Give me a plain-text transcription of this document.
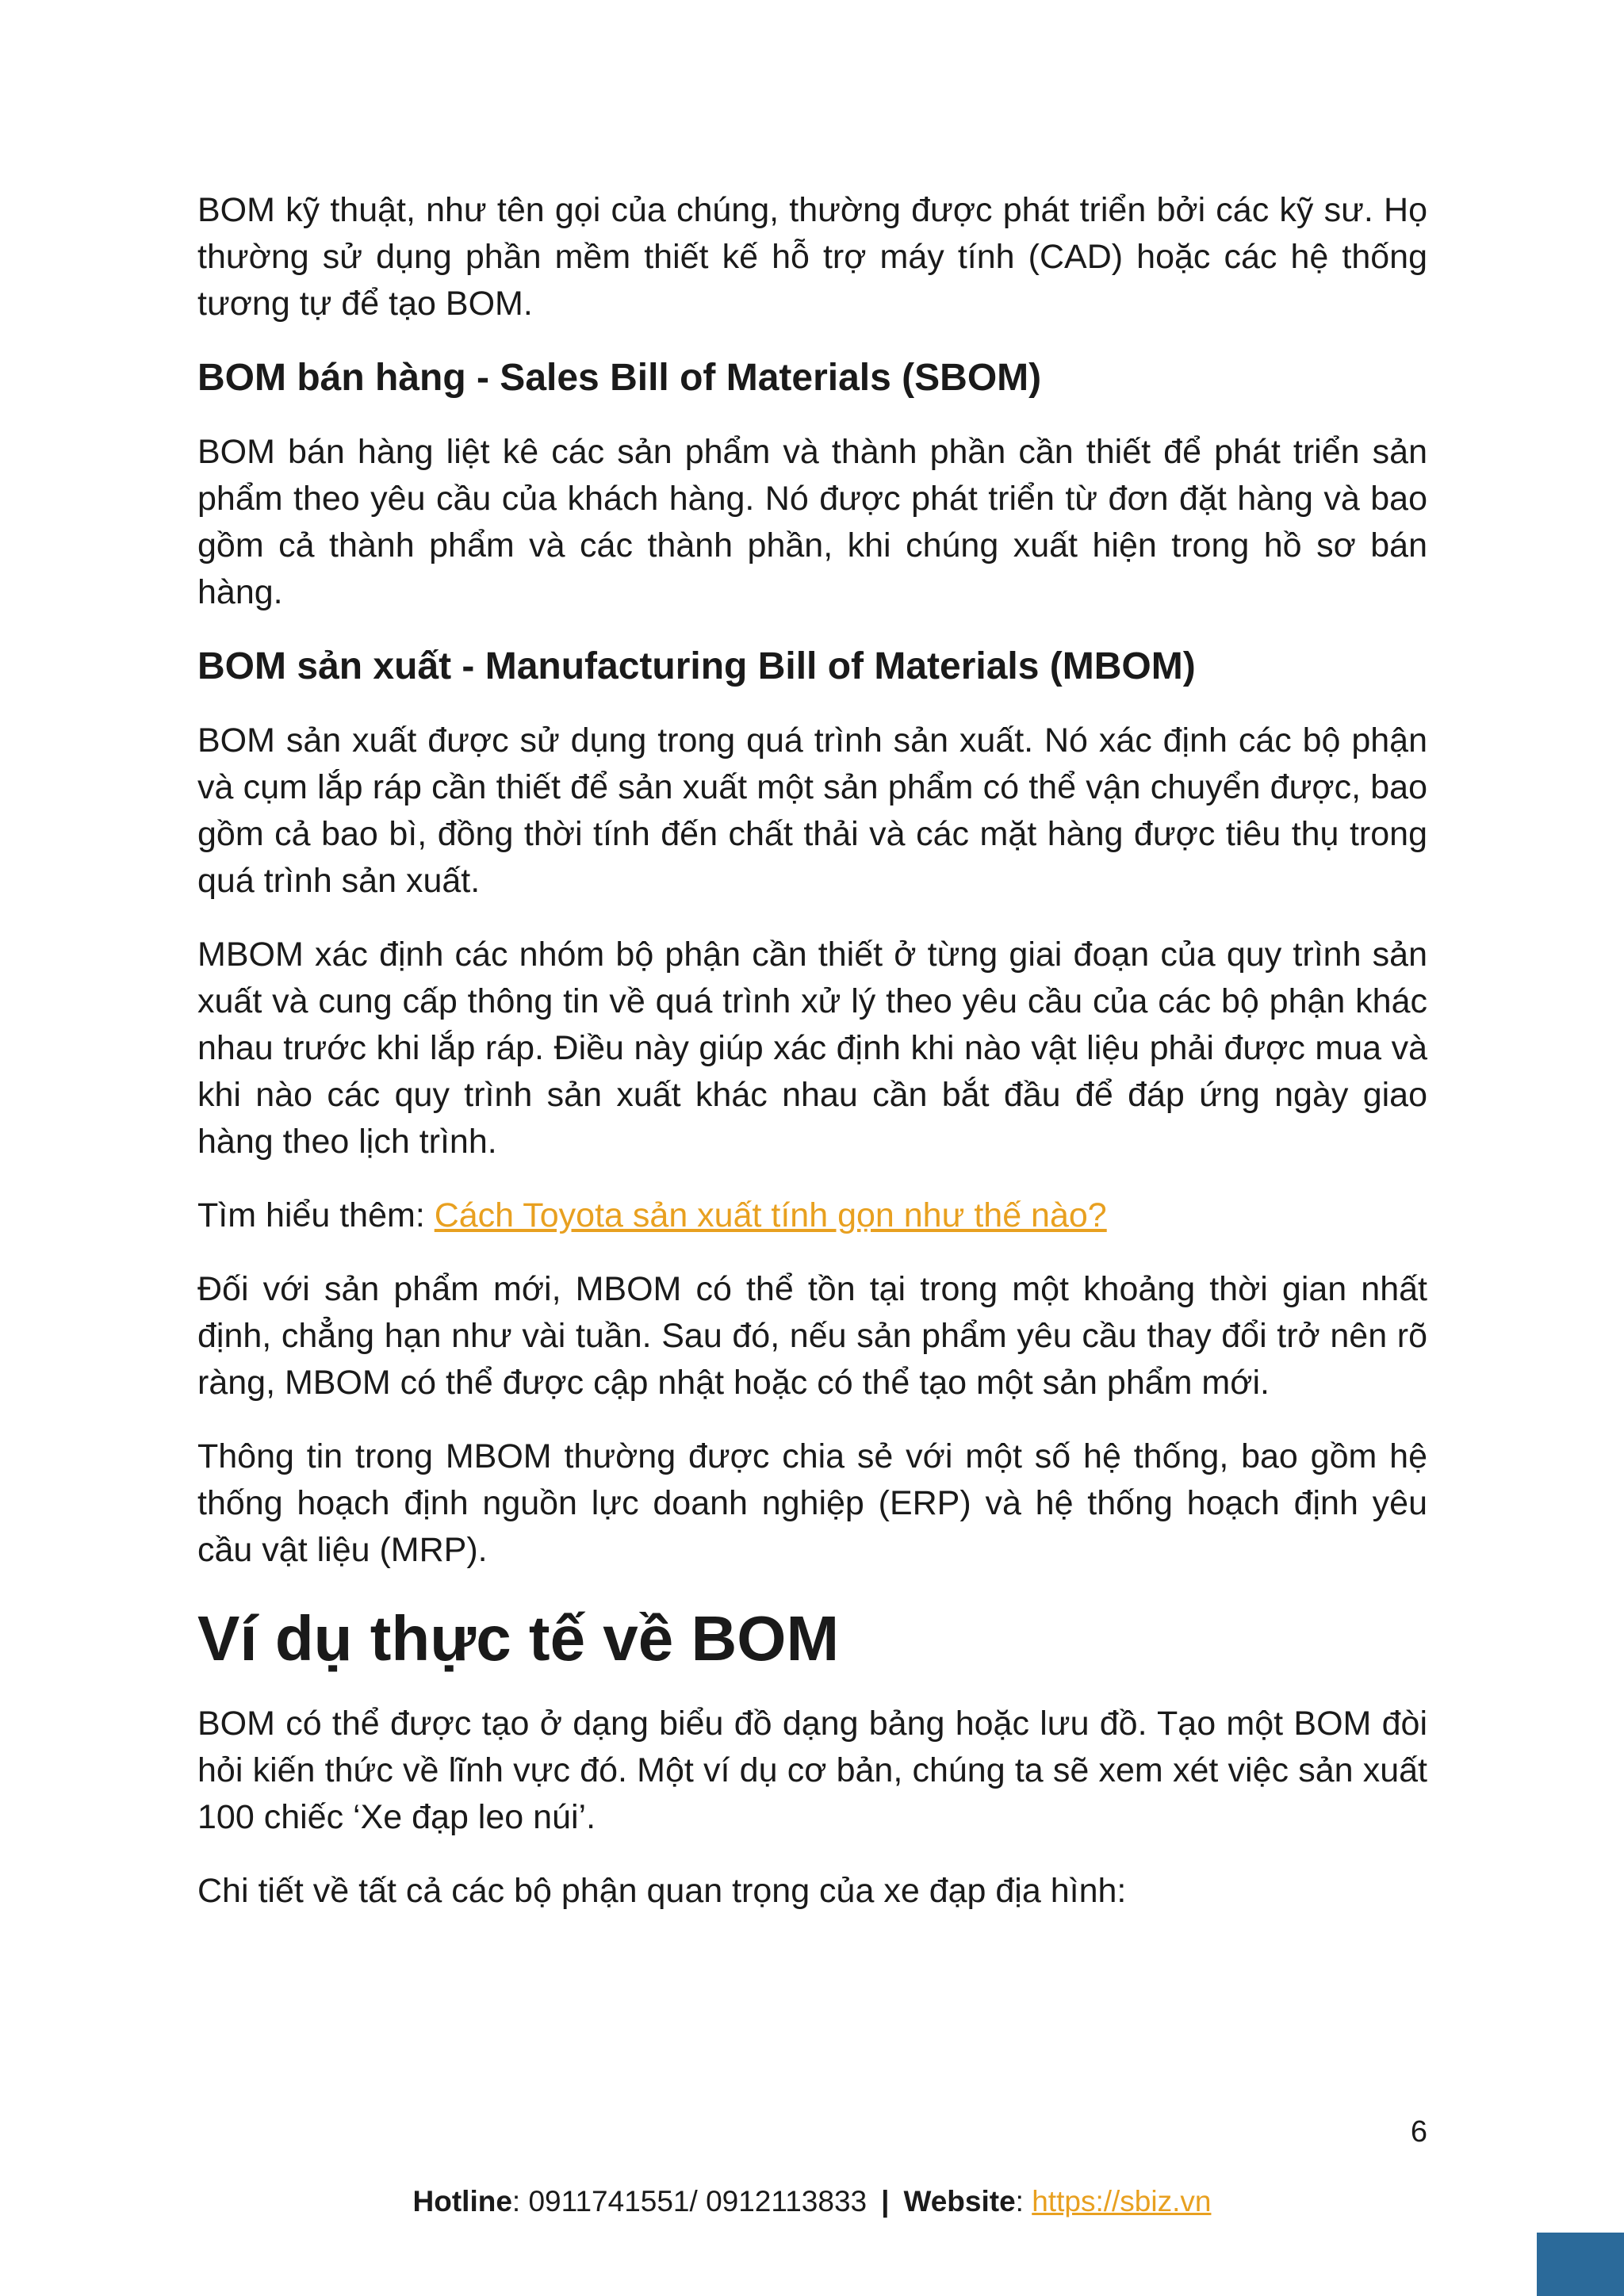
BOM kỹ thuật, như tên gọi của chúng, thường được phát triển bởi các kỹ sư. Họ thường sử dụng phần mềm thiết kế hỗ trợ máy tính (CAD) hoặc các hệ thống tương tự để tạo BOM.

BOM bán hàng - Sales Bill of Materials (SBOM)

BOM bán hàng liệt kê các sản phẩm và thành phần cần thiết để phát triển sản phẩm theo yêu cầu của khách hàng. Nó được phát triển từ đơn đặt hàng và bao gồm cả thành phẩm và các thành phần, khi chúng xuất hiện trong hồ sơ bán hàng.

BOM sản xuất - Manufacturing Bill of Materials (MBOM)

BOM sản xuất được sử dụng trong quá trình sản xuất. Nó xác định các bộ phận và cụm lắp ráp cần thiết để sản xuất một sản phẩm có thể vận chuyển được, bao gồm cả bao bì, đồng thời tính đến chất thải và các mặt hàng được tiêu thụ trong quá trình sản xuất.

MBOM xác định các nhóm bộ phận cần thiết ở từng giai đoạn của quy trình sản xuất và cung cấp thông tin về quá trình xử lý theo yêu cầu của các bộ phận khác nhau trước khi lắp ráp. Điều này giúp xác định khi nào vật liệu phải được mua và khi nào các quy trình sản xuất khác nhau cần bắt đầu để đáp ứng ngày giao hàng theo lịch trình.

Tìm hiểu thêm: Cách Toyota sản xuất tính gọn như thế nào?

Đối với sản phẩm mới, MBOM có thể tồn tại trong một khoảng thời gian nhất định, chẳng hạn như vài tuần. Sau đó, nếu sản phẩm yêu cầu thay đổi trở nên rõ ràng, MBOM có thể được cập nhật hoặc có thể tạo một sản phẩm mới.

Thông tin trong MBOM thường được chia sẻ với một số hệ thống, bao gồm hệ thống hoạch định nguồn lực doanh nghiệp (ERP) và hệ thống hoạch định yêu cầu vật liệu (MRP).

Ví dụ thực tế về BOM

BOM có thể được tạo ở dạng biểu đồ dạng bảng hoặc lưu đồ. Tạo một BOM đòi hỏi kiến thức về lĩnh vực đó. Một ví dụ cơ bản, chúng ta sẽ xem xét việc sản xuất 100 chiếc ‘Xe đạp leo núi’.

Chi tiết về tất cả các bộ phận quan trọng của xe đạp địa hình:

6
Hotline: 0911741551/ 0912113833 | Website: https://sbiz.vn
